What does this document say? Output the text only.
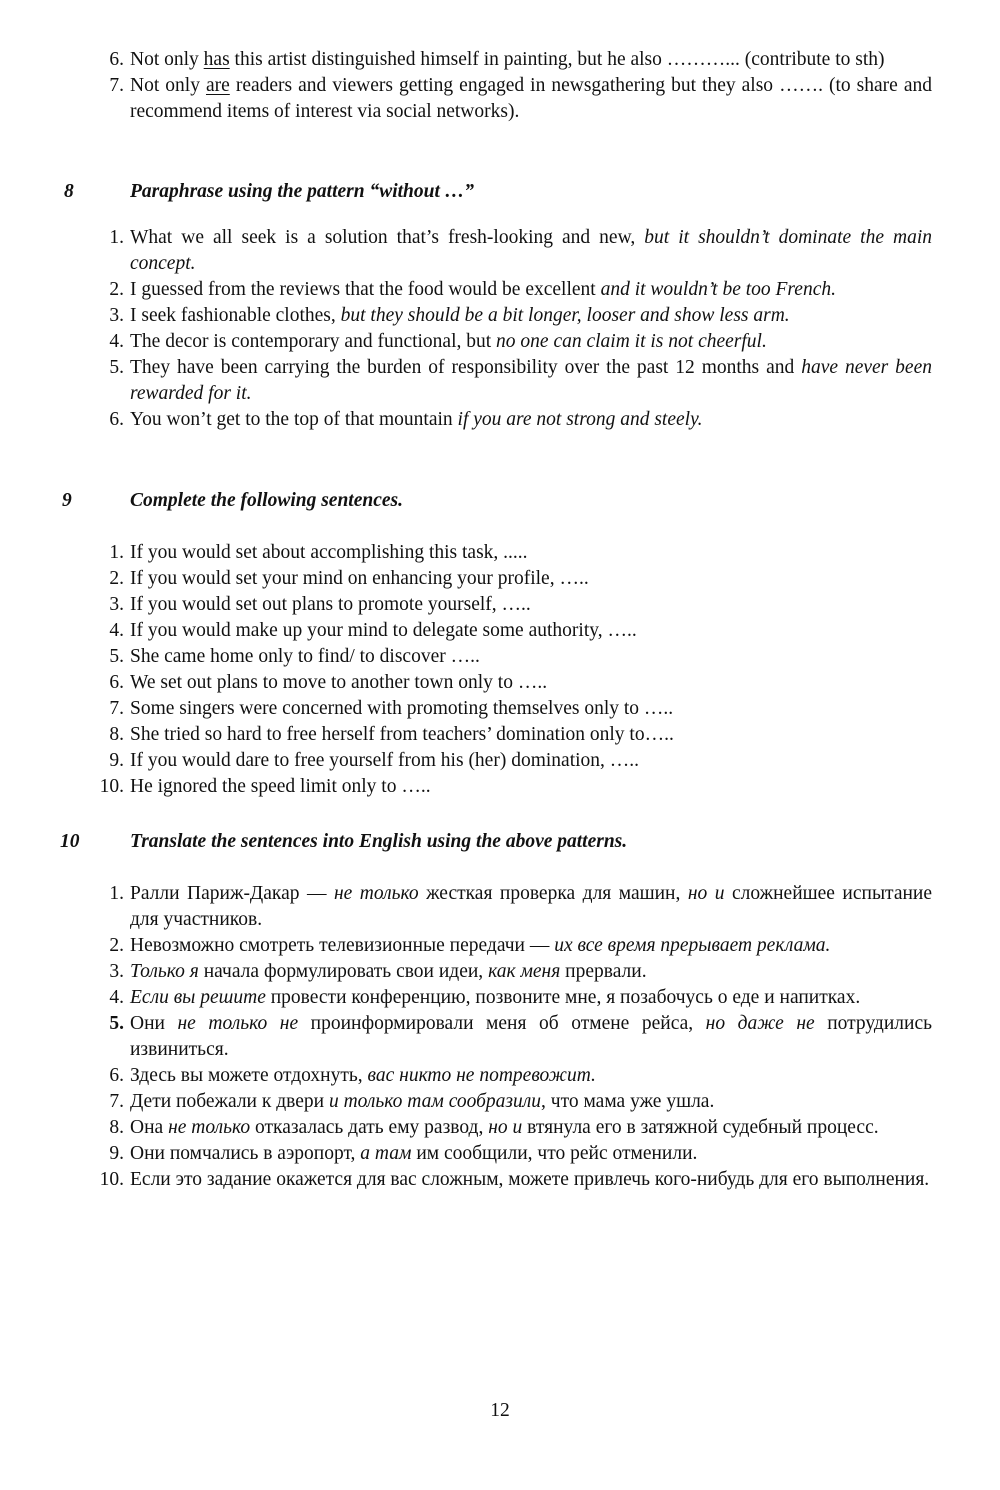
6. Not only has this artist distinguished himself in painting, but he also ………... (contribute to sth)
7. Not only are readers and viewers getting engaged in newsgathering but they also ……. (to share and recommend items of interest via social networks).
8	Paraphrase using the pattern “without …”
1. What we all seek is a solution that’s fresh-looking and new, but it shouldn’t dominate the main concept.
2. I guessed from the reviews that the food would be excellent and it wouldn’t be too French.
3. I seek fashionable clothes, but they should be a bit longer, looser and show less arm.
4. The decor is contemporary and functional, but no one can claim it is not cheerful.
5. They have been carrying the burden of responsibility over the past 12 months and have never been rewarded for it.
6. You won’t get to the top of that mountain if you are not strong and steely.
9	Complete the following sentences.
1. If you would set about accomplishing this task, .....
2. If you would set your mind on enhancing your profile, …..
3. If you would set out plans to promote yourself, …..
4. If you would make up your mind to delegate some authority, …..
5. She came home only to find/ to discover …..
6. We set out plans to move to another town only to …..
7. Some singers were concerned with promoting themselves only to …..
8. She tried so hard to free herself from teachers’ domination only to…..
9. If you would dare to free yourself from his (her) domination, …..
10. He ignored the speed limit only to …..
10	Translate the sentences into English using the above patterns.
1. Ралли Париж-Дакар — не только жесткая проверка для машин, но и сложнейшее испытание для участников.
2. Невозможно смотреть телевизионные передачи — их все время прерывает реклама.
3. Только я начала формулировать свои идеи, как меня прервали.
4. Если вы решите провести конференцию, позвоните мне, я позабочусь о еде и напитках.
5. Они не только не проинформировали меня об отмене рейса, но даже не потрудились извиниться.
6. Здесь вы можете отдохнуть, вас никто не потревожит.
7. Дети побежали к двери и только там сообразили, что мама уже ушла.
8. Она не только отказалась дать ему развод, но и втянула его в затяжной судебный процесс.
9. Они помчались в аэропорт, а там им сообщили, что рейс отменили.
10. Если это задание окажется для вас сложным, можете привлечь кого-нибудь для его выполнения.
12
